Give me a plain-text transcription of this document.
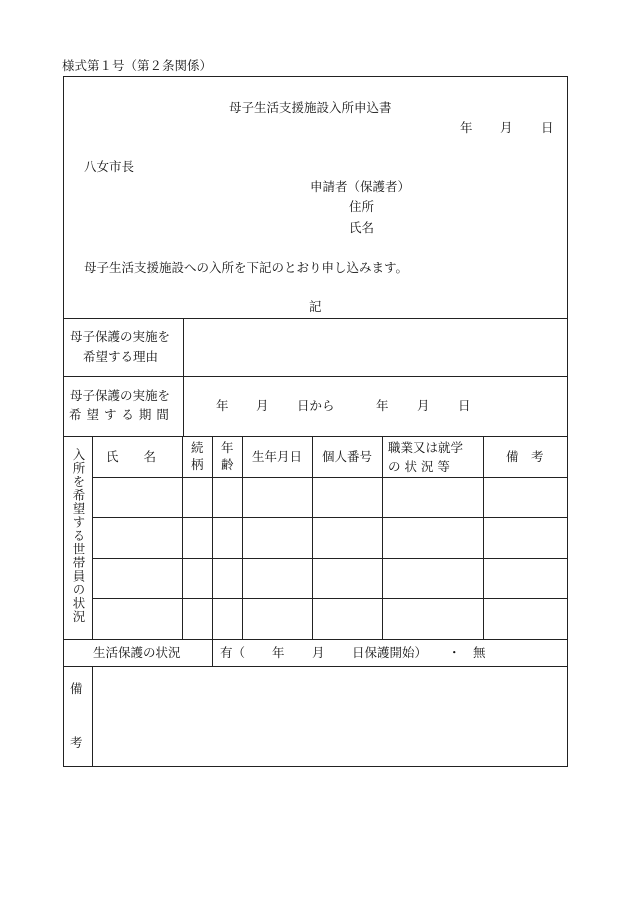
様式第１号（第２条関係）
母子生活支援施設入所申込書
年 月 日
八女市長
申請者（保護者）
住所
氏名
母子生活支援施設への入所を下記のとおり申し込みます。
記
母子保護の実施を
希望する理由
母子保護の実施を
希 望 す る 期 間
年 月 日から	年 月 日
入所を希望する世帯員の状況 氏　　名
続
柄
年
齢
生年月日 個人番号
職業又は就学
の 状 況 等
備　考
生活保護の状況	有（ 年 月 日保護開始） ・ 無
備
考
